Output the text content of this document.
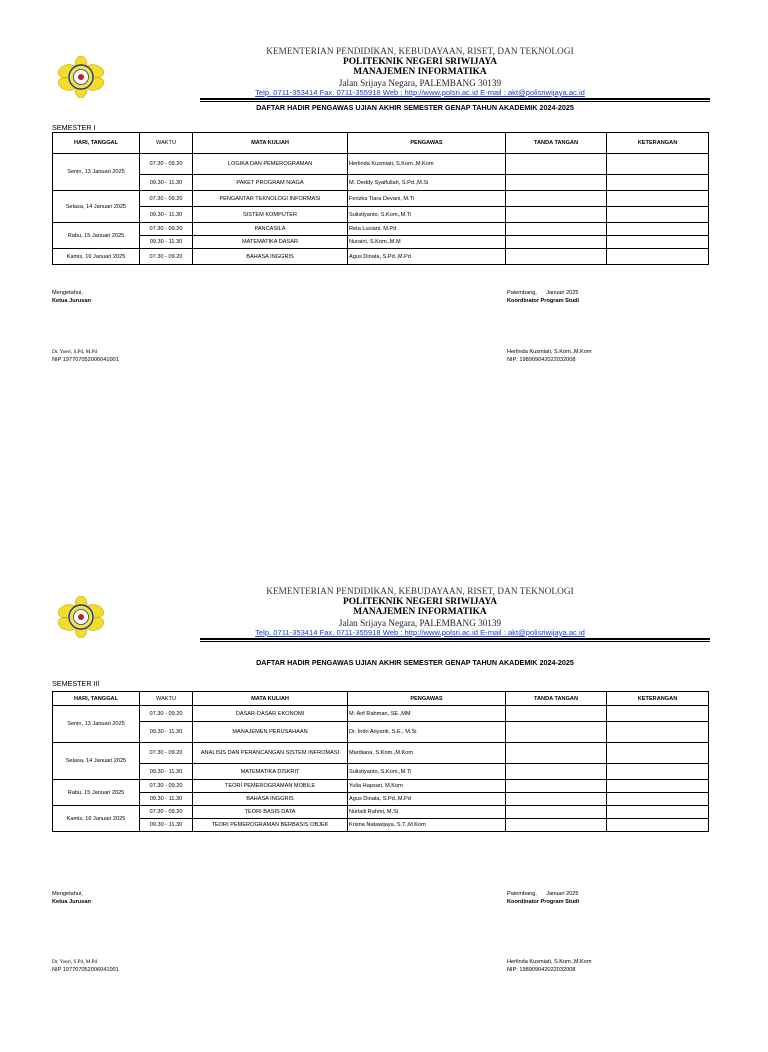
KEMENTERIAN PENDIDIKAN, KEBUDAYAAN, RISET, DAN TEKNOLOGI
POLITEKNIK NEGERI SRIWIJAYA
MANAJEMEN INFORMATIKA
Jalan Srijaya Negara, PALEMBANG 30139
Telp. 0711-353414 Fax. 0711-355918 Web : http://www.polsri.ac.id E-mail : akt@polisriwijaya.ac.id
DAFTAR HADIR PENGAWAS UJIAN AKHIR SEMESTER GENAP TAHUN AKADEMIK 2024-2025
SEMESTER I
HARI, TANGGAL	WAKTU	MATA KULIAH	PENGAWAS	TANDA TANGAN	KETERANGAN
Senin, 13 Januari 2025	07.30 - 09.20	LOGIKA DAN PEMEROGRAMAN	Herlinda Kusmiati, S.Kom.,M.Kom		
	09.30 - 11.30	PAKET PROGRAM NIAGA	M. Deddy Syaifullah, S.Pd.,M.Si		
Selasa, 14 Januari 2025	07.30 - 09.20	PENGANTAR TEKNOLOGI INFORMASI	Ferizka Tiara Devani, M.Ti		
	09.30 - 11.30	SISTEM KOMPUTER	Sulistiyanto, S.Kom.,M.Ti		
Rabu, 15 Januari 2025	07.30 - 09.20	PANCASILA	Reta Luciani, M.Pd		
	09.30 - 11.30	MATEMATIKA DASAR	Nuraini, S.Kom.,M.M		
Kamis, 16 Januari 2025	07.30 - 09.20	BAHASA INGGRIS	Agus Dinata, S.Pd.,M.Pd		
Mengetahui,
Ketua Jurusan
Dr. Yoeri, S.Pd, M.Pd
NIP 197707052006041001
Palembang,      Januari 2025
Koordinator Program Studi
Herlinda Kusmiati, S.Kom.,M.Kom
NIP: 198909042022032008
KEMENTERIAN PENDIDIKAN, KEBUDAYAAN, RISET, DAN TEKNOLOGI
POLITEKNIK NEGERI SRIWIJAYA
MANAJEMEN INFORMATIKA
Jalan Srijaya Negara, PALEMBANG 30139
Telp. 0711-353414 Fax. 0711-355918 Web : http://www.polsri.ac.id E-mail : akt@polisriwijaya.ac.id
DAFTAR HADIR PENGAWAS UJIAN AKHIR SEMESTER GENAP TAHUN AKADEMIK 2024-2025
SEMESTER III
HARI, TANGGAL	WAKTU	MATA KULIAH	PENGAWAS	TANDA TANGAN	KETERANGAN
Senin, 13 Januari 2025	07.30 - 09.20	DASAR-DASAR EKONOMI	M. Arif Rahman, SE.,MM		
	09.30 - 11.30	MANAJEMEN PERUSAHAAN	Dr. Indri Ariyanti, S.E., M.Si		
Selasa, 14 Januari 2025	07.30 - 09.20	ANALISIS DAN PERANCANGAN SISTEM INFROMASI	Mardiana, S.Kom.,M.Kom		
	09.30 - 11.30	MATEMATIKA DISKRIT	Sulistiyanto, S.Kom.,M.Ti		
Rabu, 15 Januari 2025	07.30 - 09.20	TEORI PEMEROGRAMAN MOBILE	Yulia Hapsari, M,Kom		
	09.30 - 11.30	BAHASA INGGRIS	Agus Dinata, S.Pd.,M.Pd		
Kamis, 16 Januari 2025	07.30 - 09.20	TEORI BASIS DATA	Nurlaili Rahmi, M.Si		
	09.30 - 11.30	TEORI PEMEROGRAMAN BERBASIS OBJEK	Krisna Natawijaya, S.T.,M.Kom		
Mengetahui,
Ketua Jurusan
Dr. Yoeri, S.Pd, M.Pd
NIP 197707052006041001
Palembang,      Januari 2025
Koordinator Program Studi
Herlinda Kusmiati, S.Kom.,M.Kom
NIP: 198909042022032008
